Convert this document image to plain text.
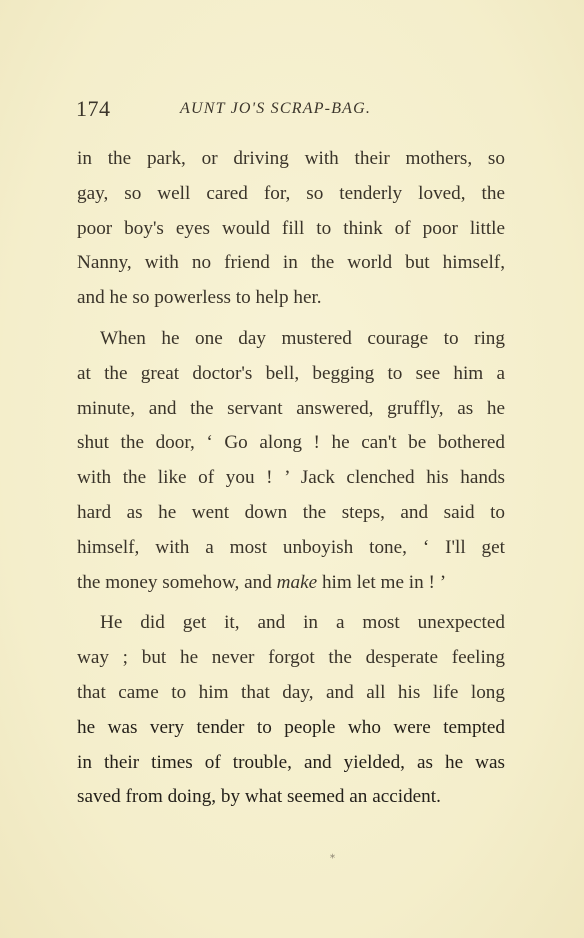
174	AUNT JO'S SCRAP-BAG.

in the park, or driving with their mothers, so
gay, so well cared for, so tenderly loved, the
poor boy's eyes would fill to think of poor little
Nanny, with no friend in the world but himself,
and he so powerless to help her.

When he one day mustered courage to ring
at the great doctor's bell, begging to see him a
minute, and the servant answered, gruffly, as he
shut the door, ‘ Go along ! he can't be bothered
with the like of you ! ’ Jack clenched his hands
hard as he went down the steps, and said to
himself, with a most unboyish tone, ‘ I'll get
the money somehow, and make him let me in ! ’

He did get it, and in a most unexpected
way ; but he never forgot the desperate feeling
that came to him that day, and all his life long
he was very tender to people who were tempted
in their times of trouble, and yielded, as he was
saved from doing, by what seemed an accident.

⁎
